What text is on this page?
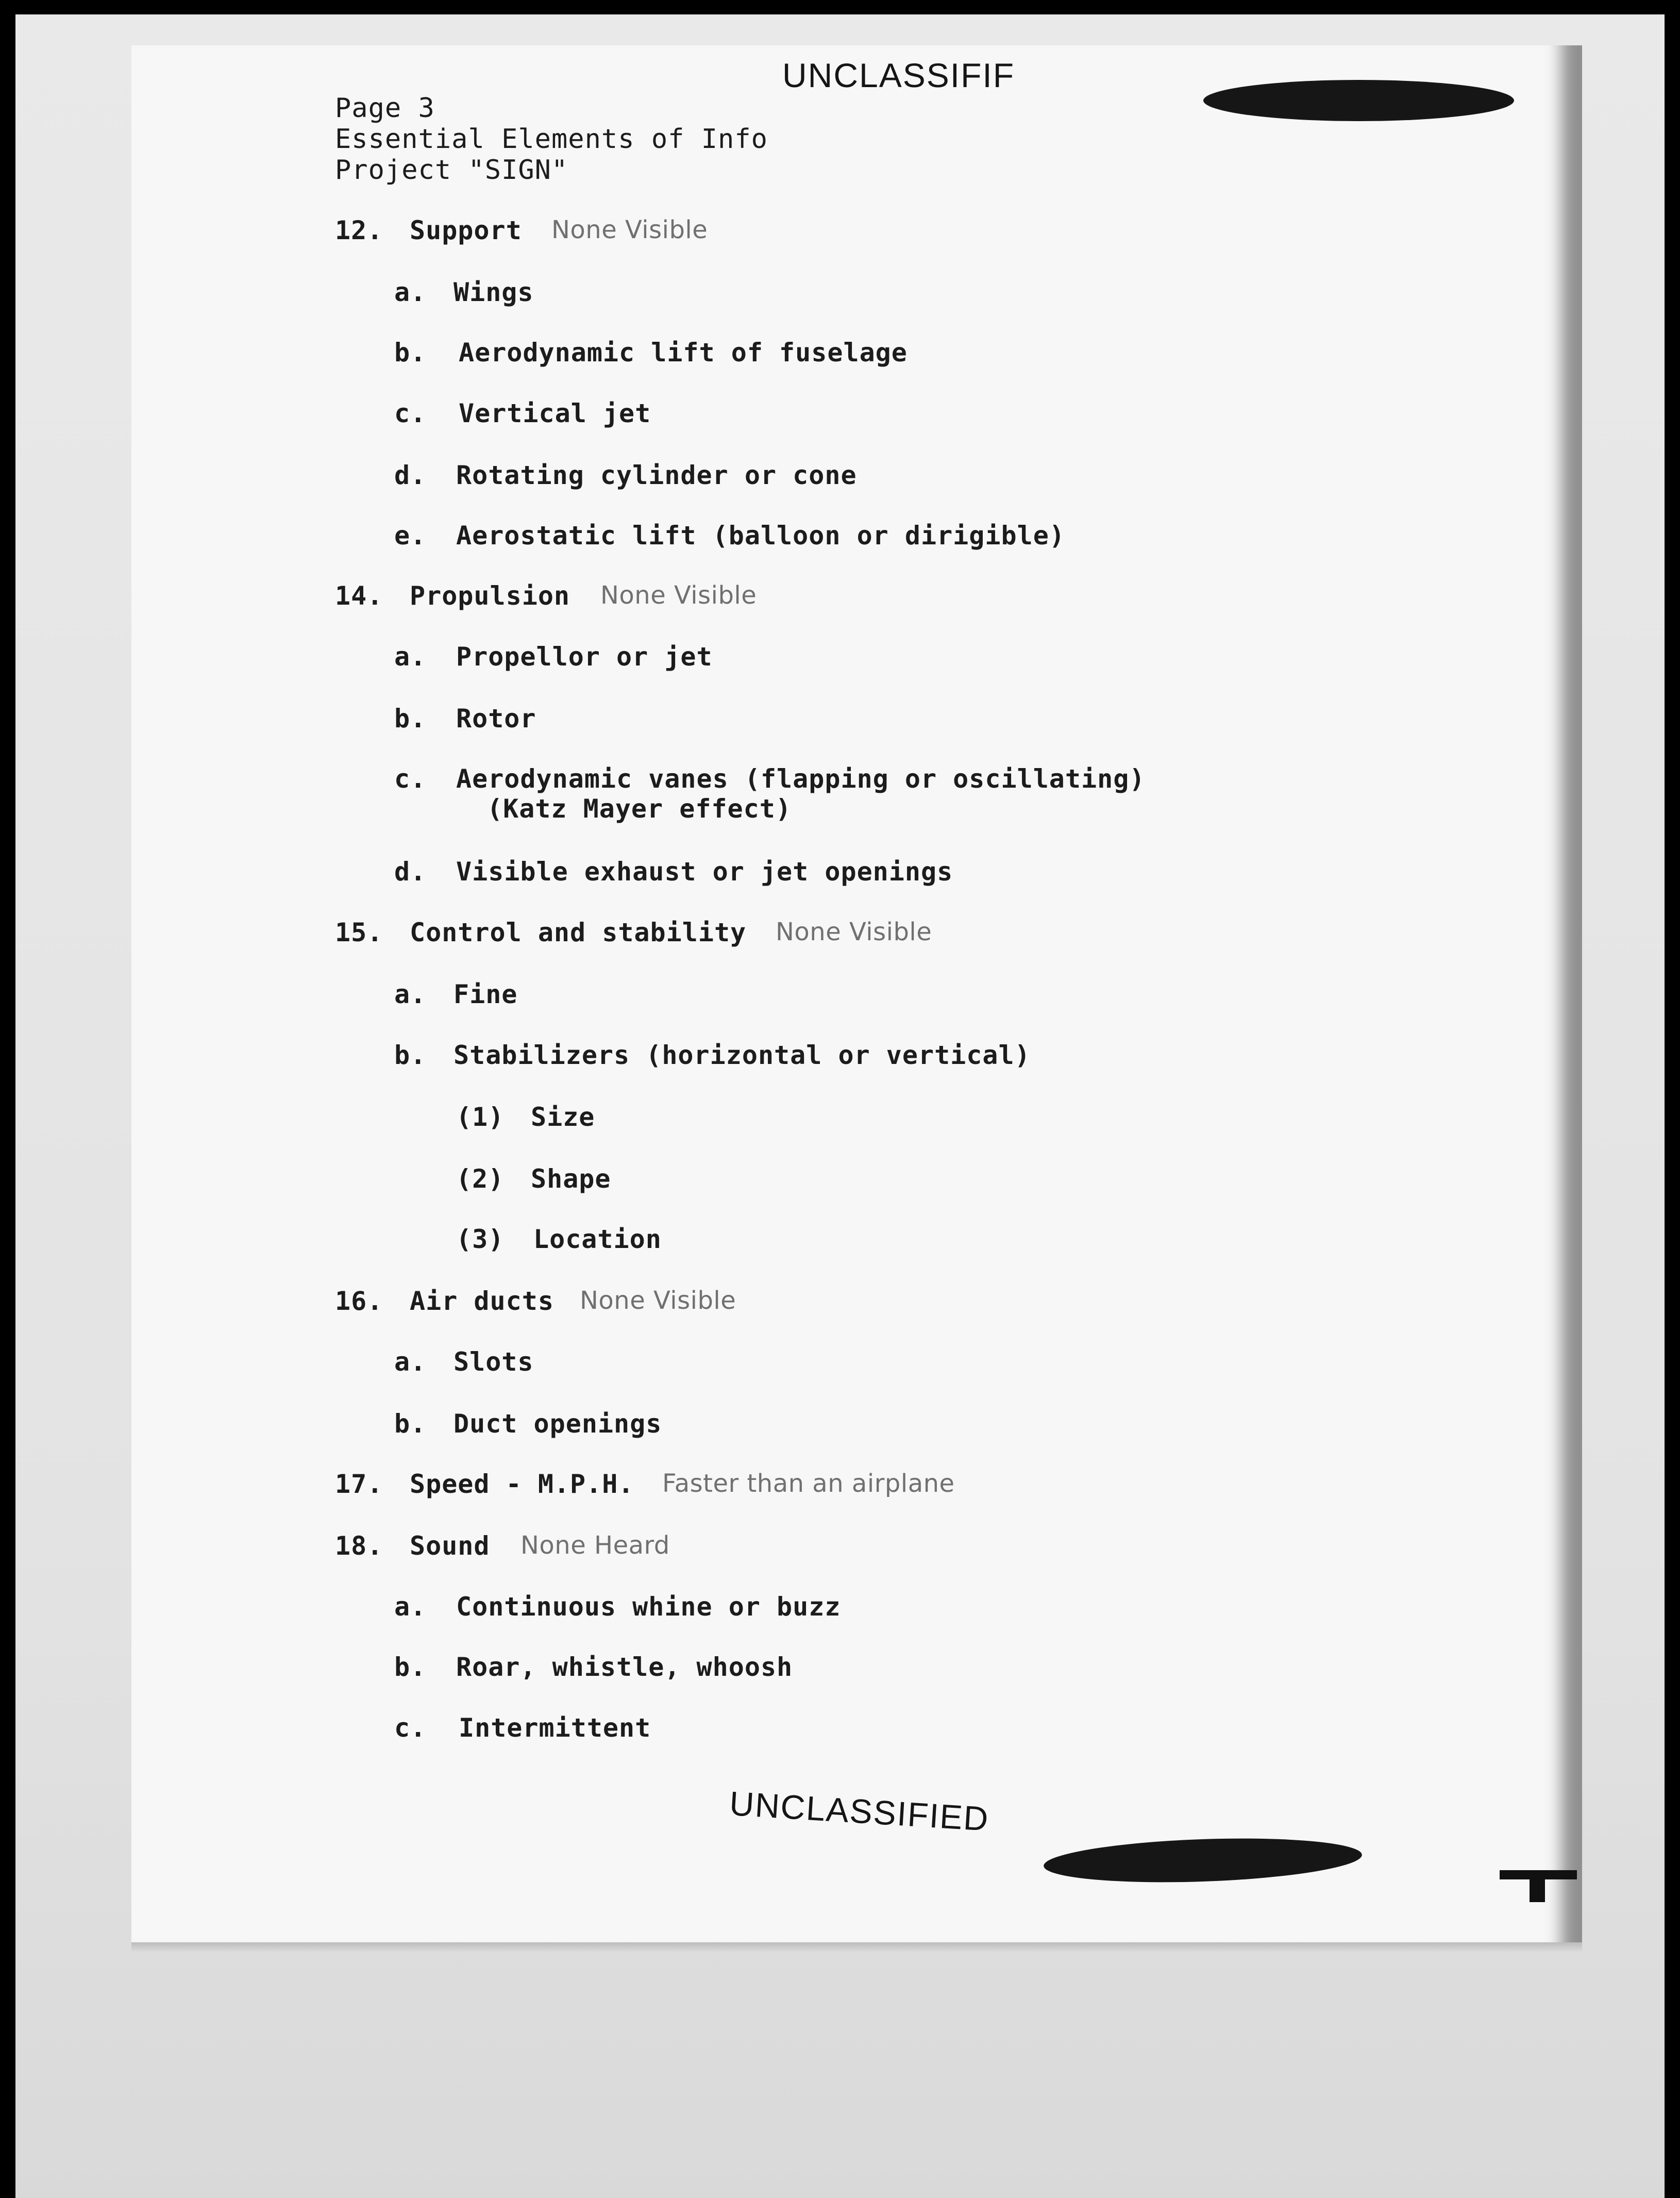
UNCLASSIFIF

Page 3

Essential Elements of Info

Project "SIGN"

12. Support None Visible

a. Wings

b. Aerodynamic lift of fuselage

c. Vertical jet

d. Rotating cylinder or cone

e. Aerostatic lift (balloon or dirigible)

14. Propulsion None Visible

a. Propellor or jet

b. Rotor

c. Aerodynamic vanes (flapping or oscillating)

(Katz Mayer effect)

d. Visible exhaust or jet openings

15. Control and stability None Visible

a. Fine

b. Stabilizers (horizontal or vertical)

(1) Size

(2) Shape

(3) Location

16. Air ducts None Visible

a. Slots

b. Duct openings

17. Speed - M.P.H. Faster than an airplane

18. Sound None Heard

a. Continuous whine or buzz

b. Roar, whistle, whoosh

c. Intermittent

UNCLASSIFIED
